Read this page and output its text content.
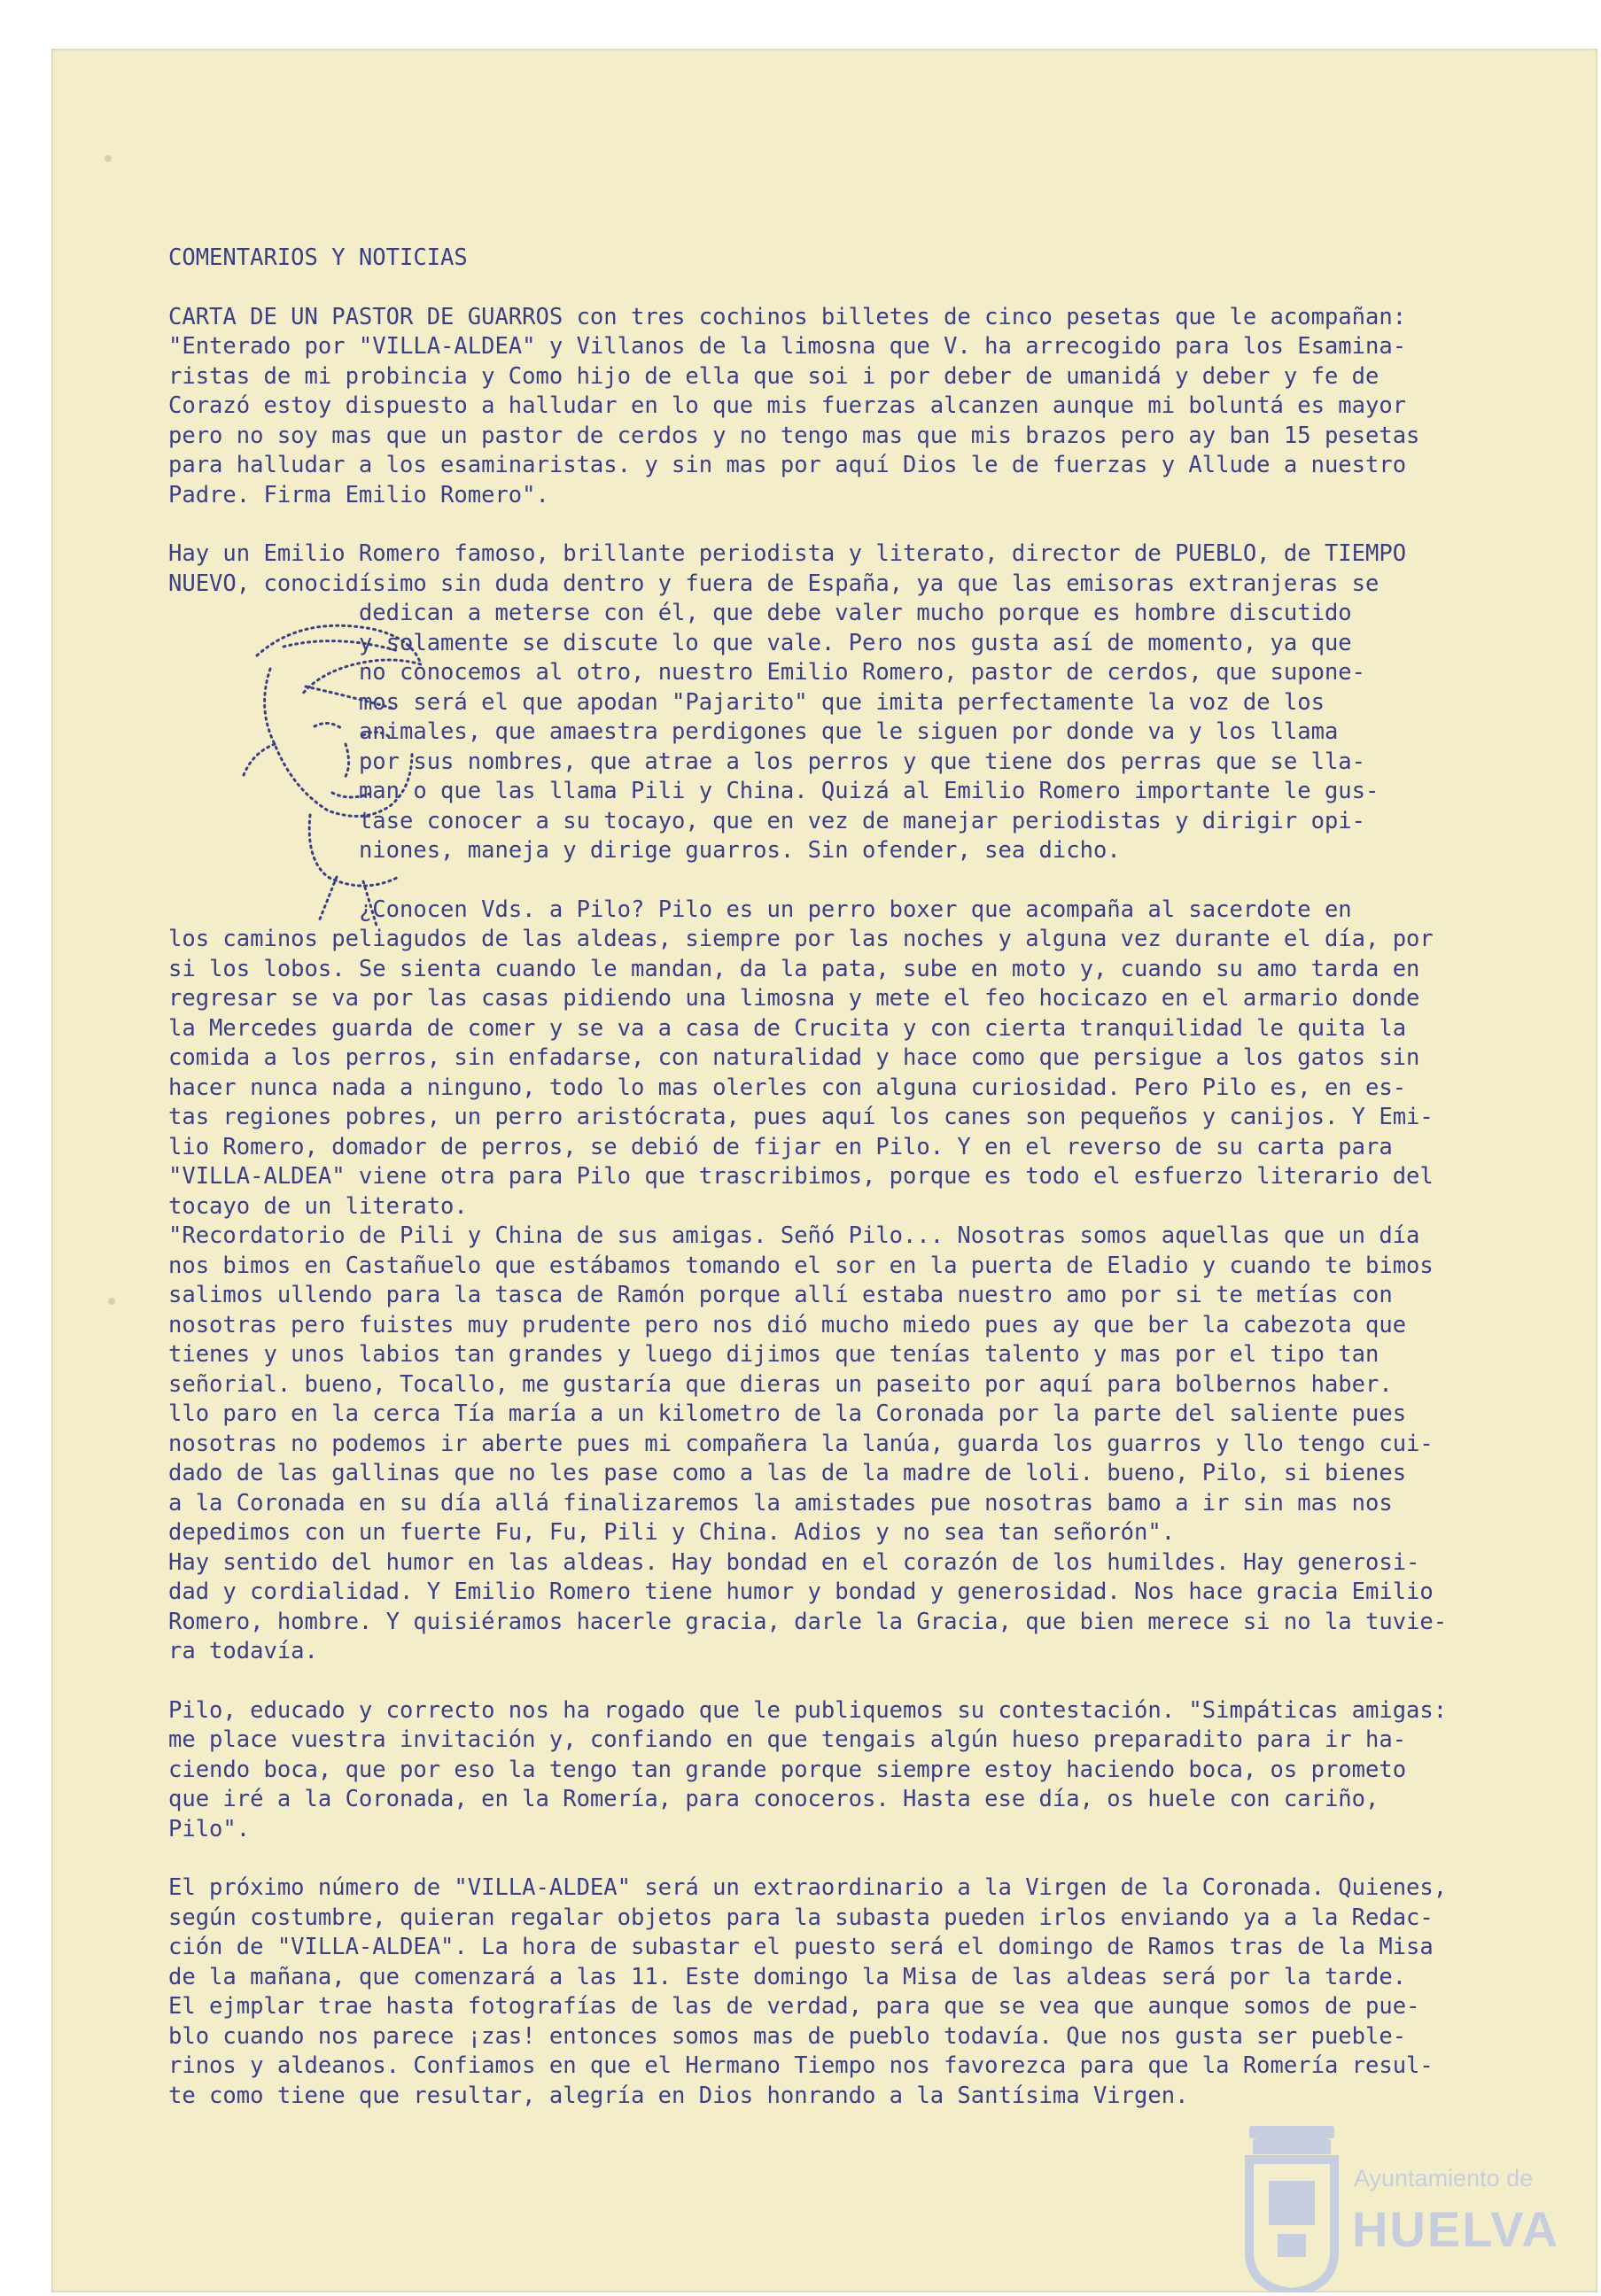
COMENTARIOS Y NOTICIAS

CARTA DE UN PASTOR DE GUARROS con tres cochinos billetes de cinco pesetas que le acompañan:
"Enterado por "VILLA-ALDEA" y Villanos de la limosna que V. ha arrecogido para los Esamina-
ristas de mi probincia y Como hijo de ella que soi i por deber de umanidá y deber y fe de
Corazó estoy dispuesto a halludar en lo que mis fuerzas alcanzen aunque mi boluntá es mayor
pero no soy mas que un pastor de cerdos y no tengo mas que mis brazos pero ay ban 15 pesetas
para halludar a los esaminaristas. y sin mas por aquí Dios le de fuerzas y Allude a nuestro
Padre. Firma Emilio Romero".

Hay un Emilio Romero famoso, brillante periodista y literato, director de PUEBLO, de TIEMPO
NUEVO, conocidísimo sin duda dentro y fuera de España, ya que las emisoras extranjeras se
dedican a meterse con él, que debe valer mucho porque es hombre discutido
y solamente se discute lo que vale. Pero nos gusta así de momento, ya que
no conocemos al otro, nuestro Emilio Romero, pastor de cerdos, que supone-
mos será el que apodan "Pajarito" que imita perfectamente la voz de los
animales, que amaestra perdigones que le siguen por donde va y los llama
por sus nombres, que atrae a los perros y que tiene dos perras que se lla-
man o que las llama Pili y China. Quizá al Emilio Romero importante le gus-
tase conocer a su tocayo, que en vez de manejar periodistas y dirigir opi-
niones, maneja y dirige guarros. Sin ofender, sea dicho.

¿Conocen Vds. a Pilo? Pilo es un perro boxer que acompaña al sacerdote en
los caminos peliagudos de las aldeas, siempre por las noches y alguna vez durante el día, por
si los lobos. Se sienta cuando le mandan, da la pata, sube en moto y, cuando su amo tarda en
regresar se va por las casas pidiendo una limosna y mete el feo hocicazo en el armario donde
la Mercedes guarda de comer y se va a casa de Crucita y con cierta tranquilidad le quita la
comida a los perros, sin enfadarse, con naturalidad y hace como que persigue a los gatos sin
hacer nunca nada a ninguno, todo lo mas olerles con alguna curiosidad. Pero Pilo es, en es-
tas regiones pobres, un perro aristócrata, pues aquí los canes son pequeños y canijos. Y Emi-
lio Romero, domador de perros, se debió de fijar en Pilo. Y en el reverso de su carta para
"VILLA-ALDEA" viene otra para Pilo que trascribimos, porque es todo el esfuerzo literario del
tocayo de un literato.
"Recordatorio de Pili y China de sus amigas. Señó Pilo... Nosotras somos aquellas que un día
nos bimos en Castañuelo que estábamos tomando el sor en la puerta de Eladio y cuando te bimos
salimos ullendo para la tasca de Ramón porque allí estaba nuestro amo por si te metías con
nosotras pero fuistes muy prudente pero nos dió mucho miedo pues ay que ber la cabezota que
tienes y unos labios tan grandes y luego dijimos que tenías talento y mas por el tipo tan
señorial. bueno, Tocallo, me gustaría que dieras un paseito por aquí para bolbernos haber.
llo paro en la cerca Tía maría a un kilometro de la Coronada por la parte del saliente pues
nosotras no podemos ir aberte pues mi compañera la lanúa, guarda los guarros y llo tengo cui-
dado de las gallinas que no les pase como a las de la madre de loli. bueno, Pilo, si bienes
a la Coronada en su día allá finalizaremos la amistades pue nosotras bamo a ir sin mas nos
depedimos con un fuerte Fu, Fu, Pili y China. Adios y no sea tan señorón".
Hay sentido del humor en las aldeas. Hay bondad en el corazón de los humildes. Hay generosi-
dad y cordialidad. Y Emilio Romero tiene humor y bondad y generosidad. Nos hace gracia Emilio
Romero, hombre. Y quisiéramos hacerle gracia, darle la Gracia, que bien merece si no la tuvie-
ra todavía.

Pilo, educado y correcto nos ha rogado que le publiquemos su contestación. "Simpáticas amigas:
me place vuestra invitación y, confiando en que tengais algún hueso preparadito para ir ha-
ciendo boca, que por eso la tengo tan grande porque siempre estoy haciendo boca, os prometo
que iré a la Coronada, en la Romería, para conoceros. Hasta ese día, os huele con cariño,
Pilo".

El próximo número de "VILLA-ALDEA" será un extraordinario a la Virgen de la Coronada. Quienes,
según costumbre, quieran regalar objetos para la subasta pueden irlos enviando ya a la Redac-
ción de "VILLA-ALDEA". La hora de subastar el puesto será el domingo de Ramos tras de la Misa
de la mañana, que comenzará a las 11. Este domingo la Misa de las aldeas será por la tarde.
El ejmplar trae hasta fotografías de las de verdad, para que se vea que aunque somos de pue-
blo cuando nos parece ¡zas! entonces somos mas de pueblo todavía. Que nos gusta ser pueble-
rinos y aldeanos. Confiamos en que el Hermano Tiempo nos favorezca para que la Romería resul-
te como tiene que resultar, alegría en Dios honrando a la Santísima Virgen.

Ayuntamiento de
HUELVA
